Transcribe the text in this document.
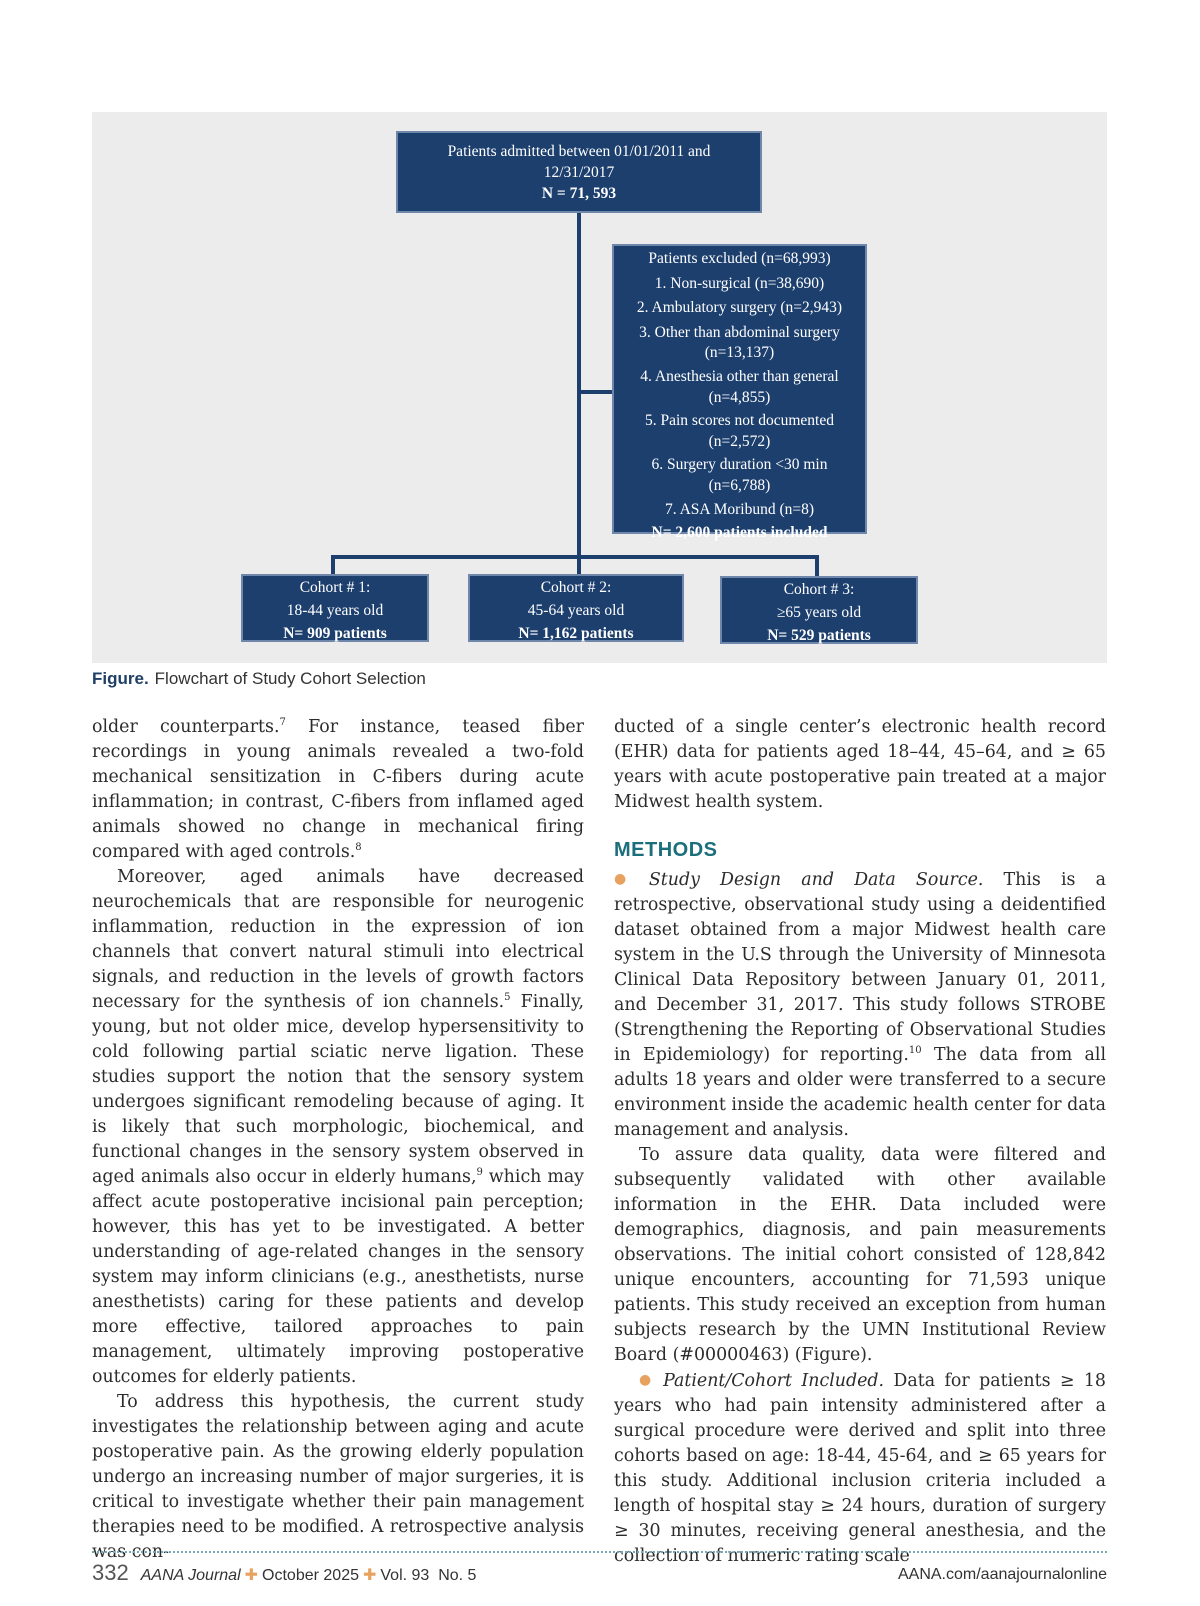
Patients admitted between 01/01/2011 and
12/31/2017
N = 71, 593
Patients excluded (n=68,993)
1. Non-surgical (n=38,690)
2. Ambulatory surgery (n=2,943)
3. Other than abdominal surgery
(n=13,137)
4. Anesthesia other than general
(n=4,855)
5. Pain scores not documented
(n=2,572)
6. Surgery duration <30 min
(n=6,788)
7. ASA Moribund (n=8)
N= 2,600 patients included
Cohort # 1:
18-44 years old
N= 909 patients
Cohort # 2:
45-64 years old
N= 1,162 patients
Cohort # 3:
≥65 years old
N= 529 patients
Figure. Flowchart of Study Cohort Selection

older counterparts.$^7$ For instance, teased fiber recordings in young animals revealed a two-fold mechanical sensitization in C-fibers during acute inflammation; in contrast, C-fibers from inflamed aged animals showed no change in mechanical firing compared with aged controls.$^8$

Moreover, aged animals have decreased neurochemicals that are responsible for neurogenic inflammation, reduction in the expression of ion channels that convert natural stimuli into electrical signals, and reduction in the levels of growth factors necessary for the synthesis of ion channels.$^5$ Finally, young, but not older mice, develop hypersensitivity to cold following partial sciatic nerve ligation. These studies support the notion that the sensory system undergoes significant remodeling because of aging. It is likely that such morphologic, biochemical, and functional changes in the sensory system observed in aged animals also occur in elderly humans,$^9$ which may affect acute postoperative incisional pain perception; however, this has yet to be investigated. A better understanding of age-related changes in the sensory system may inform clinicians (e.g., anesthetists, nurse anesthetists) caring for these patients and develop more effective, tailored approaches to pain management, ultimately improving postoperative outcomes for elderly patients.

To address this hypothesis, the current study investigates the relationship between aging and acute postoperative pain. As the growing elderly population undergo an increasing number of major surgeries, it is critical to investigate whether their pain management therapies need to be modified. A retrospective analysis was con-

ducted of a single center’s electronic health record (EHR) data for patients aged 18–44, 45–64, and ≥ 65 years with acute postoperative pain treated at a major Midwest health system.

METHODS

● Study Design and Data Source. This is a retrospective, observational study using a deidentified dataset obtained from a major Midwest health care system in the U.S through the University of Minnesota Clinical Data Repository between January 01, 2011, and December 31, 2017. This study follows STROBE (Strengthening the Reporting of Observational Studies in Epidemiology) for reporting.$^{10}$ The data from all adults 18 years and older were transferred to a secure environment inside the academic health center for data management and analysis.

To assure data quality, data were filtered and subsequently validated with other available information in the EHR. Data included were demographics, diagnosis, and pain measurements observations. The initial cohort consisted of 128,842 unique encounters, accounting for 71,593 unique patients. This study received an exception from human subjects research by the UMN Institutional Review Board (#00000463) (Figure).

● Patient/Cohort Included. Data for patients ≥ 18 years who had pain intensity administered after a surgical procedure were derived and split into three cohorts based on age: 18-44, 45-64, and ≥ 65 years for this study. Additional inclusion criteria included a length of hospital stay ≥ 24 hours, duration of surgery ≥ 30 minutes, receiving general anesthesia, and the collection of numeric rating scale

332 AANA Journal ✚ October 2025 ✚ Vol. 93  No. 5	AANA.com/aanajournalonline
